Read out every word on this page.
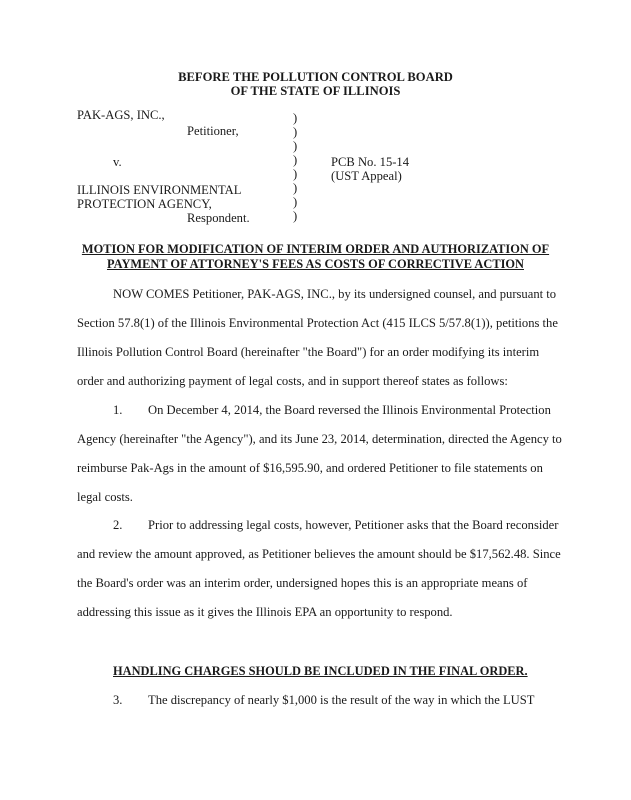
BEFORE THE POLLUTION CONTROL BOARD
OF THE STATE OF ILLINOIS
PAK-AGS, INC.,
Petitioner,
v.
ILLINOIS ENVIRONMENTAL
PROTECTION AGENCY,
Respondent.
)
)
)
)
)
)
)
)
PCB No. 15-14
(UST Appeal)
MOTION FOR MODIFICATION OF INTERIM ORDER AND AUTHORIZATION OF
PAYMENT OF ATTORNEY'S FEES AS COSTS OF CORRECTIVE ACTION
NOW COMES Petitioner, PAK-AGS, INC., by its undersigned counsel, and pursuant to
Section 57.8(1) of the Illinois Environmental Protection Act (415 ILCS 5/57.8(1)), petitions the
Illinois Pollution Control Board (hereinafter "the Board") for an order modifying its interim
order and authorizing payment of legal costs, and in support thereof states as follows:
1. On December 4, 2014, the Board reversed the Illinois Environmental Protection
Agency (hereinafter "the Agency"), and its June 23, 2014, determination, directed the Agency to
reimburse Pak-Ags in the amount of $16,595.90, and ordered Petitioner to file statements on
legal costs.
2. Prior to addressing legal costs, however, Petitioner asks that the Board reconsider
and review the amount approved, as Petitioner believes the amount should be $17,562.48. Since
the Board's order was an interim order, undersigned hopes this is an appropriate means of
addressing this issue as it gives the Illinois EPA an opportunity to respond.
HANDLING CHARGES SHOULD BE INCLUDED IN THE FINAL ORDER.
3. The discrepancy of nearly $1,000 is the result of the way in which the LUST
